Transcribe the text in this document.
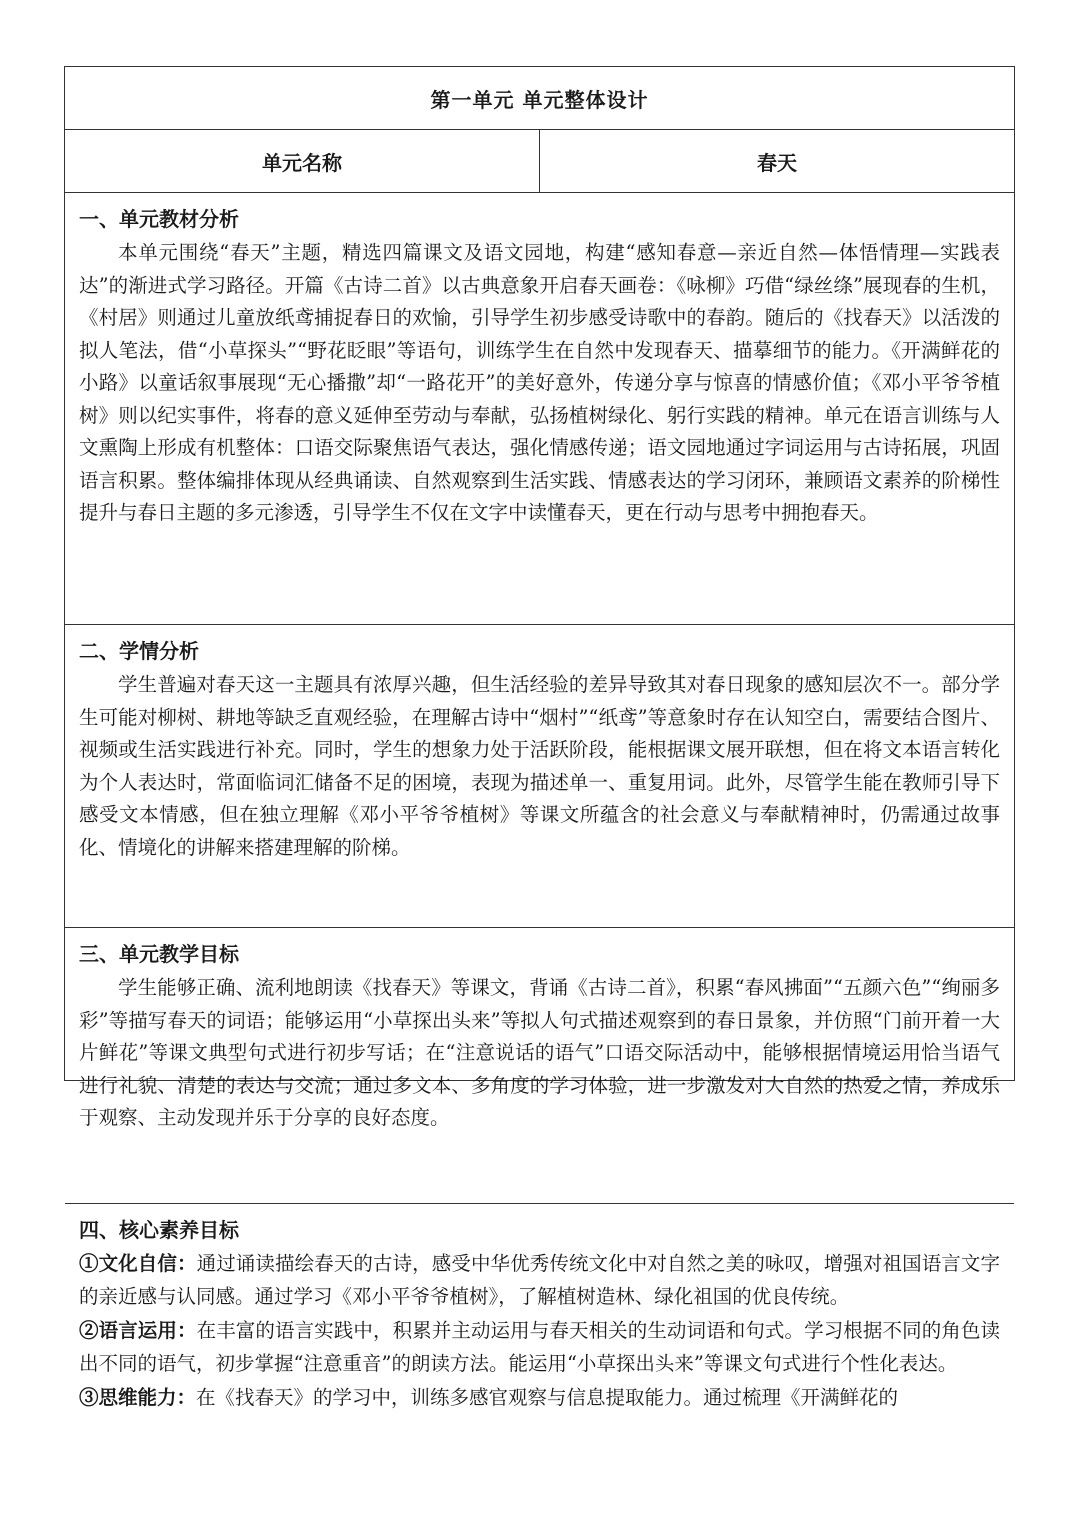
第一单元 单元整体设计
单元名称	春天
一、单元教材分析

本单元围绕“春天”主题，精选四篇课文及语文园地，构建“感知春意—亲近自然—体悟情理—实践表达”的渐进式学习路径。开篇《古诗二首》以古典意象开启春天画卷：《咏柳》巧借“绿丝绦”展现春的生机，《村居》则通过儿童放纸鸢捕捉春日的欢愉，引导学生初步感受诗歌中的春韵。随后的《找春天》以活泼的拟人笔法，借“小草探头”“野花眨眼”等语句，训练学生在自然中发现春天、描摹细节的能力。《开满鲜花的小路》以童话叙事展现“无心播撒”却“一路花开”的美好意外，传递分享与惊喜的情感价值；《邓小平爷爷植树》则以纪实事件，将春的意义延伸至劳动与奉献，弘扬植树绿化、躬行实践的精神。单元在语言训练与人文熏陶上形成有机整体：口语交际聚焦语气表达，强化情感传递；语文园地通过字词运用与古诗拓展，巩固语言积累。整体编排体现从经典诵读、自然观察到生活实践、情感表达的学习闭环，兼顾语文素养的阶梯性提升与春日主题的多元渗透，引导学生不仅在文字中读懂春天，更在行动与思考中拥抱春天。

二、学情分析

学生普遍对春天这一主题具有浓厚兴趣，但生活经验的差异导致其对春日现象的感知层次不一。部分学生可能对柳树、耕地等缺乏直观经验，在理解古诗中“烟村”“纸鸢”等意象时存在认知空白，需要结合图片、视频或生活实践进行补充。同时，学生的想象力处于活跃阶段，能根据课文展开联想，但在将文本语言转化为个人表达时，常面临词汇储备不足的困境，表现为描述单一、重复用词。此外，尽管学生能在教师引导下感受文本情感，但在独立理解《邓小平爷爷植树》等课文所蕴含的社会意义与奉献精神时，仍需通过故事化、情境化的讲解来搭建理解的阶梯。

三、单元教学目标

学生能够正确、流利地朗读《找春天》等课文，背诵《古诗二首》，积累“春风拂面”“五颜六色”“绚丽多彩”等描写春天的词语；能够运用“小草探出头来”等拟人句式描述观察到的春日景象，并仿照“门前开着一大片鲜花”等课文典型句式进行初步写话；在“注意说话的语气”口语交际活动中，能够根据情境运用恰当语气进行礼貌、清楚的表达与交流；通过多文本、多角度的学习体验，进一步激发对大自然的热爱之情，养成乐于观察、主动发现并乐于分享的良好态度。

四、核心素养目标

①文化自信：通过诵读描绘春天的古诗，感受中华优秀传统文化中对自然之美的咏叹，增强对祖国语言文字的亲近感与认同感。通过学习《邓小平爷爷植树》，了解植树造林、绿化祖国的优良传统。

②语言运用：在丰富的语言实践中，积累并主动运用与春天相关的生动词语和句式。学习根据不同的角色读出不同的语气，初步掌握“注意重音”的朗读方法。能运用“小草探出头来”等课文句式进行个性化表达。

③思维能力：在《找春天》的学习中，训练多感官观察与信息提取能力。通过梳理《开满鲜花的
